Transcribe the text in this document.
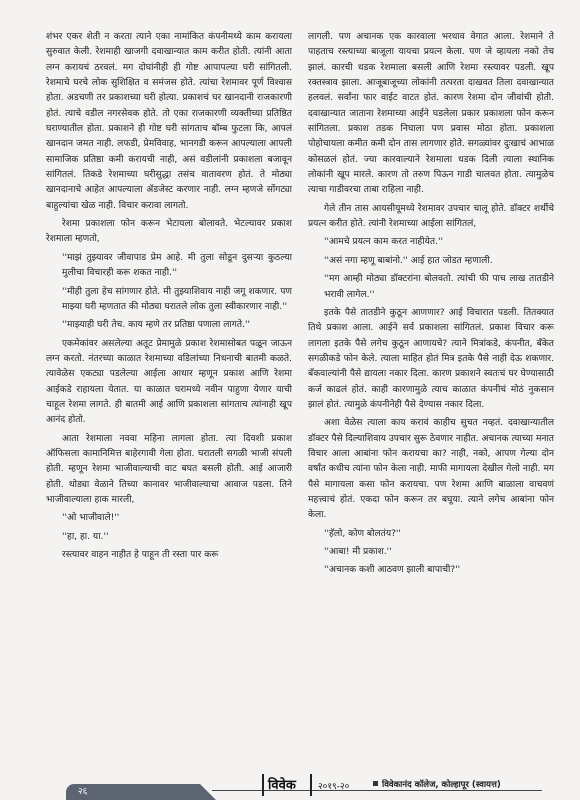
शंभर एकर शेती न करता त्याने एका नामांकित कंपनीमध्ये काम करायला सुरुवात केली. रेशमाही खाजगी दवाखान्यात काम करीत होती. त्यांनी आता लग्न करायचं ठरवलं. मग दोघांनीही ही गोष्ट आपापल्या घरी सांगितली. रेशमाचे घरचे लोक सुशिक्षित व समंजस होते. त्यांचा रेशमावर पूर्ण विश्वास होता. अडचणी तर प्रकाशच्या घरी होत्या. प्रकाशचं घर खानदानी राजकारणी होतं. त्याचे वडील नगरसेवक होते. तो एका राजकारणी व्यक्तीच्या प्रतिष्ठित घराण्यातील होता. प्रकाशने ही गोष्ट घरी सांगताच बॉम्ब फुटला कि, आपलं खानदान जमत नाही. लफडी, प्रेमविवाह, भानगडी करून आपल्याला आपली सामाजिक प्रतिष्ठा कमी करायची नाही, असं वडीलांनी प्रकाशला बजावून सांगितलं. तिकडे रेशमाच्या घरीसुद्धा तसंच वातावरण होतं. ते मोठ्या खानदानाचे आहेत आपल्याला ॲडजेस्ट करणार नाही. लग्न म्हणजे सोंगट्या बाहुल्यांचा खेळ नाही. विचार करावा लागतो.

रेशमा प्रकाशला फोन करून भेटायला बोलावते. भेटल्यावर प्रकाश रेशमाला म्हणतो,

''माझं तुझ्यावर जीवापाड प्रेम आहे. मी तुला सोडून दुसऱ्या कुठल्या मुलीचा विचारही करू शकत नाही.''

''मीही तुला हेच सांगणार होते. मी तुझ्याशिवाय नाही जगू शकणार. पण माझ्या घरी म्हणतात की मोठ्या घरातले लोक तुला स्वीकारणार नाही.''

''माझ्याही घरी तेच. काय म्हणे तर प्रतिष्ठा पणाला लागते.''

एकमेकांवर असलेल्या अतूट प्रेमामुळे प्रकाश रेशमासोबत पळून जाऊन लग्न करतो. नंतरच्या काळात रेशमाच्या वडिलांच्या निधनाची बातमी कळते. त्यावेळेस एकट्या पडलेल्या आईला आधार म्हणून प्रकाश आणि रेशमा आईकडे राहायला येतात. या काळात घरामध्ये नवीन पाहुणा येणार याची चाहूल रेशमा लागते. ही बातमी आई आणि प्रकाशला सांगताच त्यांनाही खूप आनंद होतो.

आता रेशमाला नववा महिना लागला होता. त्या दिवशी प्रकाश ऑफिसला कामानिमित्त बाहेरगावी गेला होता. घरातली सगळी भाजी संपली होती. म्हणून रेशमा भाजीवाल्याची वाट बघत बसली होती. आई आजारी होती. थोड्या वेळाने तिच्या कानावर भाजीवाल्याचा आवाज पडला. तिने भाजीवाल्याला हाक मारली,

''ओ भाजीवाले!''

''हा, हा. या.''

रस्त्यावर वाहन नाहीत हे पाहून ती रस्ता पार करू

लागली. पण अचानक एक कारवाला भरधाव वेगात आला. रेशमाने ते पाहताच रस्त्याच्या बाजूला यायचा प्रयत्न केला. पण जे व्हायला नको तेच झालं. कारची धडक रेशमाला बसली आणि रेशमा रस्त्यावर पडली. खूप रक्तस्त्राव झाला. आजूबाजूच्या लोकांनी तत्परता दाखवत तिला दवाखान्यात हलवलं. सर्वांना फार वाईट वाटत होतं. कारण रेशमा दोन जीवांची होती. दवाखान्यात जाताना रेशमाच्या आईने घडलेला प्रकार प्रकाशला फोन करून सांगितला. प्रकाश तडक निघाला पण प्रवास मोठा होता. प्रकाशला पोहोचायला कमीत कमी दोन तास लागणार होते. सगळ्यांवर दुःखाचं आभाळ कोसळलं होतं. ज्या कारवाल्याने रेशमाला धडक दिली त्याला स्थानिक लोकांनी खूप मारले. कारण तो तरुण पिऊन गाडी चालवत होता. त्यामुळेच त्याचा गाडीवरचा ताबा राहिला नाही.

गेले तीन तास आयसीयूमध्ये रेशमावर उपचार चालू होते. डॉक्टर शर्थीचे प्रयत्न करीत होते. त्यांनी रेशमाच्या आईला सांगितलं,

''आमचे प्रयत्न काम करत नाहीयेत.''

''असं नगा म्हणू बाबांनो.'' आई हात जोडत म्हणाली.

''मग आम्ही मोठ्या डॉक्टरांना बोलवतो. त्यांची फी पाच लाख तातडीने भरावी लागेल.''

इतके पैसे तातडीने कुठून आणणार? आई विचारात पडली. तितक्यात तिथे प्रकाश आला. आईने सर्व प्रकाशला सांगितलं. प्रकाश विचार करू लागला इतके पैसे लगेच कुठून आणायचे? त्याने मित्रांकडे, कंपनीत, बँकेत सगळीकडे फोन केले. त्याला माहित होतं मित्र इतके पैसे नाही देऊ शकणार. बँकवाल्यांनी पैसे द्यायला नकार दिला. कारण प्रकाशने स्वतःचं घर घेण्यासाठी कर्ज काढलं होतं. काही कारणामुळे त्याच काळात कंपनीचं मोठं नुकसान झालं होतं. त्यामुळे कंपनीनेही पैसे देण्यास नकार दिला.

अशा वेळेस त्याला काय करावं काहीच सुचत नव्हतं. दवाखान्यातील डॉक्टर पैसे दिल्याशिवाय उपचार सुरू ठेवणार नाहीत. अचानक त्याच्या मनात विचार आला आबांना फोन करायचा का? नाही, नको, आपण गेल्या दोन वर्षांत कधीच त्यांना फोन केला नाही. माफी मागायला देखील गेलो नाही. मग पैसे मागायला कसा फोन करायचा. पण रेशमा आणि बाळाला वाचवणं महत्त्वाचं होतं. एकदा फोन करून तर बघूया. त्याने लगेच आबांना फोन केला.

''हॅलो, कोण बोलतंय?''

''आबा! मी प्रकाश.''

''अचानक कशी आठवण झाली बापाची?''

२६	विवेक २०१९-२०	विवेकानंद कॉलेज, कोल्हापूर (स्वायत्त)
